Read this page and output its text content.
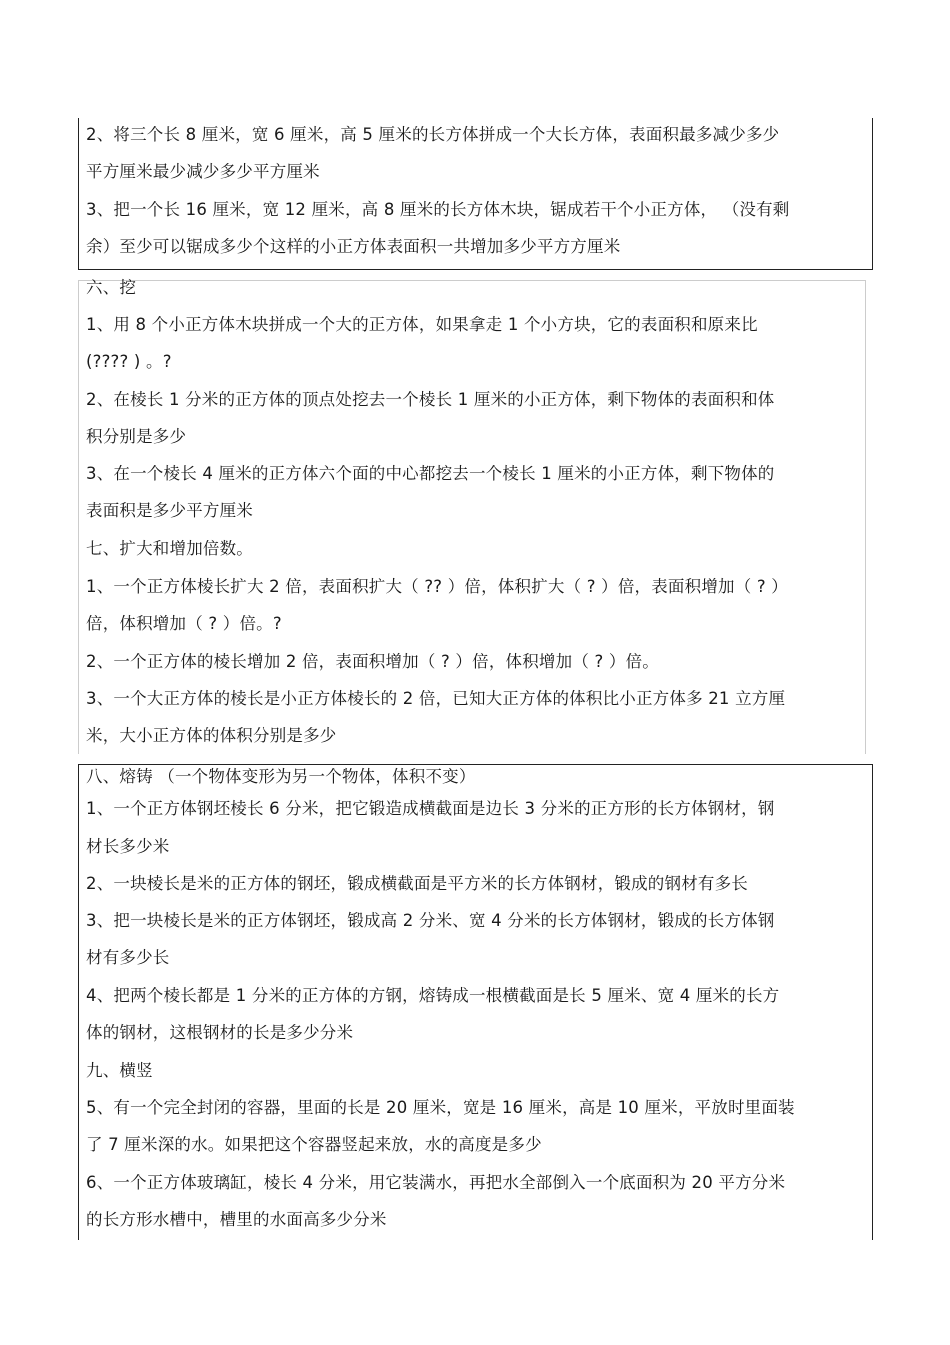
2、将三个长 8 厘米，宽 6 厘米，高 5 厘米的长方体拼成一个大长方体，表面积最多减少多少
平方厘米最少减少多少平方厘米
3、把一个长 16 厘米，宽 12 厘米，高 8 厘米的长方体木块，锯成若干个小正方体， （没有剩
余）至少可以锯成多少个这样的小正方体表面积一共增加多少平方方厘米
六、挖
1、用 8 个小正方体木块拼成一个大的正方体，如果拿走 1 个小方块，它的表面积和原来比
(???? ) 。?
2、在棱长 1 分米的正方体的顶点处挖去一个棱长 1 厘米的小正方体，剩下物体的表面积和体
积分别是多少
3、在一个棱长 4 厘米的正方体六个面的中心都挖去一个棱长 1 厘米的小正方体，剩下物体的
表面积是多少平方厘米
七、扩大和增加倍数。
1、一个正方体棱长扩大 2 倍，表面积扩大（ ?? ）倍，体积扩大（ ? ）倍，表面积增加（ ? ）
倍，体积增加（ ? ）倍。?
2、一个正方体的棱长增加 2 倍，表面积增加（ ? ）倍，体积增加（ ? ）倍。
3、一个大正方体的棱长是小正方体棱长的 2 倍，已知大正方体的体积比小正方体多 21 立方厘
米，大小正方体的体积分别是多少
八、熔铸 （一个物体变形为另一个物体，体积不变）
1、一个正方体钢坯棱长 6 分米，把它锻造成横截面是边长 3 分米的正方形的长方体钢材，钢
材长多少米
2、一块棱长是米的正方体的钢坯，锻成横截面是平方米的长方体钢材，锻成的钢材有多长
3、把一块棱长是米的正方体钢坯，锻成高 2 分米、宽 4 分米的长方体钢材，锻成的长方体钢
材有多少长
4、把两个棱长都是 1 分米的正方体的方钢，熔铸成一根横截面是长 5 厘米、宽 4 厘米的长方
体的钢材，这根钢材的长是多少分米
九、横竖
5、有一个完全封闭的容器，里面的长是 20 厘米，宽是 16 厘米，高是 10 厘米，平放时里面装
了 7 厘米深的水。如果把这个容器竖起来放，水的高度是多少
6、一个正方体玻璃缸，棱长 4 分米，用它装满水，再把水全部倒入一个底面积为 20 平方分米
的长方形水槽中，槽里的水面高多少分米
